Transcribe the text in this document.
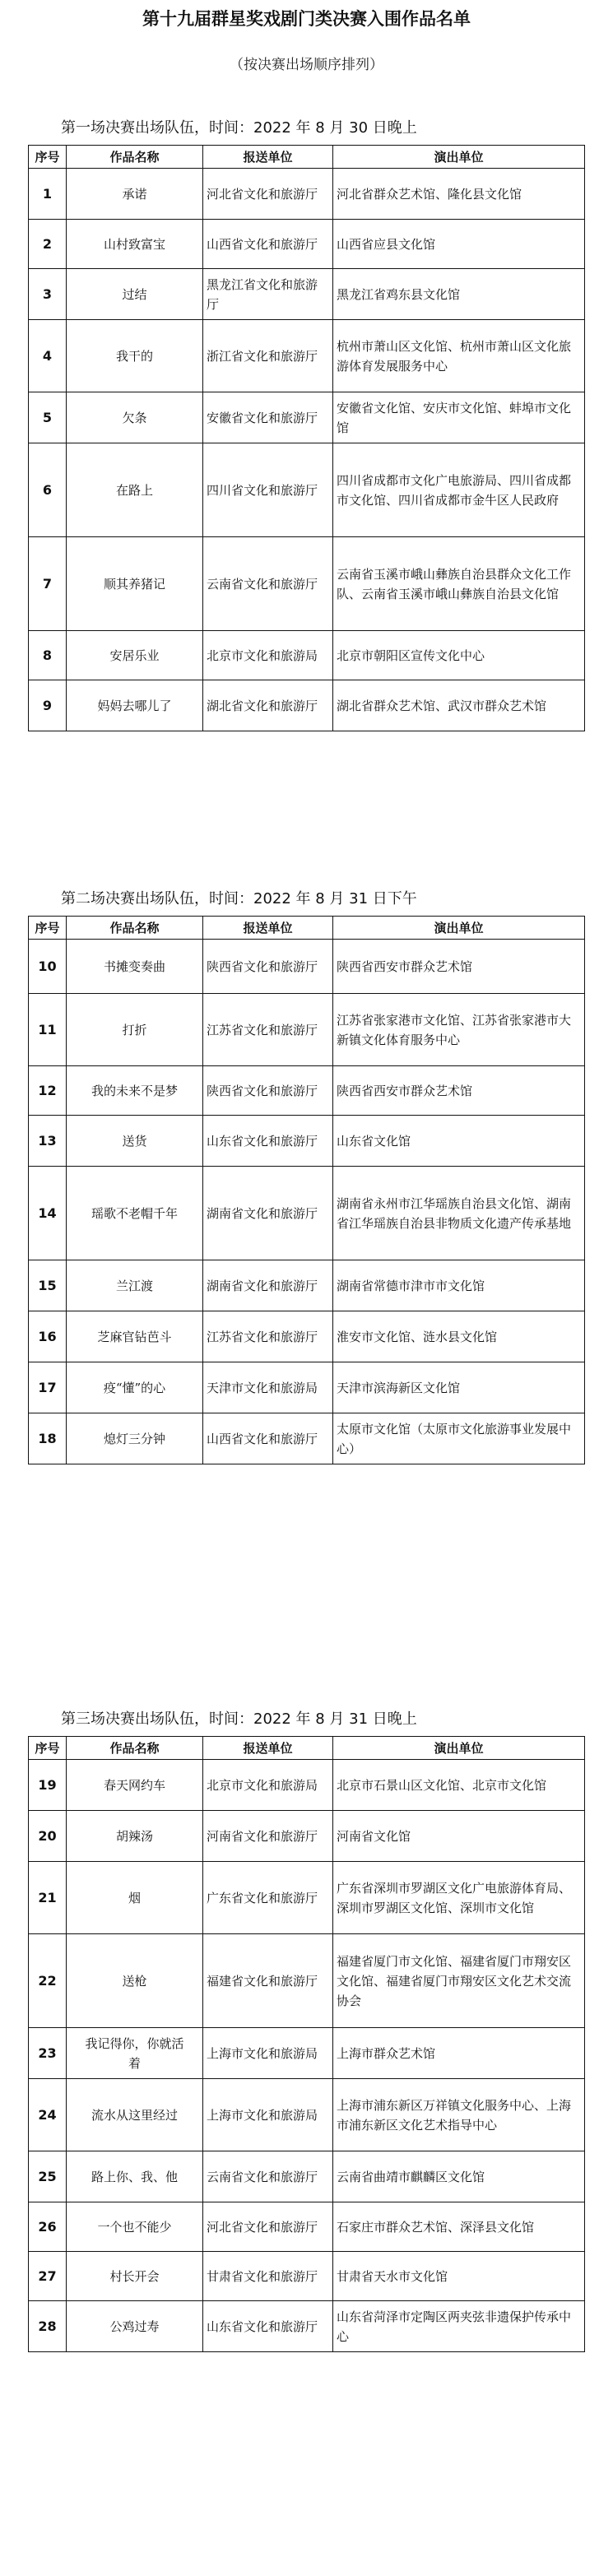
第十九届群星奖戏剧门类决赛入围作品名单
（按决赛出场顺序排列）
第一场决赛出场队伍，时间：2022 年 8 月 30 日晚上
序号	作品名称	报送单位	演出单位
1	承诺	河北省文化和旅游厅	河北省群众艺术馆、隆化县文化馆
2	山村致富宝	山西省文化和旅游厅	山西省应县文化馆
3	过结	黑龙江省文化和旅游厅	黑龙江省鸡东县文化馆
4	我干的	浙江省文化和旅游厅	杭州市萧山区文化馆、杭州市萧山区文化旅游体育发展服务中心
5	欠条	安徽省文化和旅游厅	安徽省文化馆、安庆市文化馆、蚌埠市文化馆
6	在路上	四川省文化和旅游厅	四川省成都市文化广电旅游局、四川省成都市文化馆、四川省成都市金牛区人民政府
7	顺其养猪记	云南省文化和旅游厅	云南省玉溪市峨山彝族自治县群众文化工作队、云南省玉溪市峨山彝族自治县文化馆
8	安居乐业	北京市文化和旅游局	北京市朝阳区宣传文化中心
9	妈妈去哪儿了	湖北省文化和旅游厅	湖北省群众艺术馆、武汉市群众艺术馆
第二场决赛出场队伍，时间：2022 年 8 月 31 日下午
序号	作品名称	报送单位	演出单位
10	书摊变奏曲	陕西省文化和旅游厅	陕西省西安市群众艺术馆
11	打折	江苏省文化和旅游厅	江苏省张家港市文化馆、江苏省张家港市大新镇文化体育服务中心
12	我的未来不是梦	陕西省文化和旅游厅	陕西省西安市群众艺术馆
13	送货	山东省文化和旅游厅	山东省文化馆
14	瑶歌不老帽千年	湖南省文化和旅游厅	湖南省永州市江华瑶族自治县文化馆、湖南省江华瑶族自治县非物质文化遗产传承基地
15	兰江渡	湖南省文化和旅游厅	湖南省常德市津市市文化馆
16	芝麻官钻芭斗	江苏省文化和旅游厅	淮安市文化馆、涟水县文化馆
17	疫“懂”的心	天津市文化和旅游局	天津市滨海新区文化馆
18	熄灯三分钟	山西省文化和旅游厅	太原市文化馆（太原市文化旅游事业发展中心）
第三场决赛出场队伍，时间：2022 年 8 月 31 日晚上
序号	作品名称	报送单位	演出单位
19	春天网约车	北京市文化和旅游局	北京市石景山区文化馆、北京市文化馆
20	胡辣汤	河南省文化和旅游厅	河南省文化馆
21	烟	广东省文化和旅游厅	广东省深圳市罗湖区文化广电旅游体育局、深圳市罗湖区文化馆、深圳市文化馆
22	送枪	福建省文化和旅游厅	福建省厦门市文化馆、福建省厦门市翔安区文化馆、福建省厦门市翔安区文化艺术交流协会
23	我记得你，你就活着	上海市文化和旅游局	上海市群众艺术馆
24	流水从这里经过	上海市文化和旅游局	上海市浦东新区万祥镇文化服务中心、上海市浦东新区文化艺术指导中心
25	路上你、我、他	云南省文化和旅游厅	云南省曲靖市麒麟区文化馆
26	一个也不能少	河北省文化和旅游厅	石家庄市群众艺术馆、深泽县文化馆
27	村长开会	甘肃省文化和旅游厅	甘肃省天水市文化馆
28	公鸡过寿	山东省文化和旅游厅	山东省菏泽市定陶区两夹弦非遗保护传承中心
